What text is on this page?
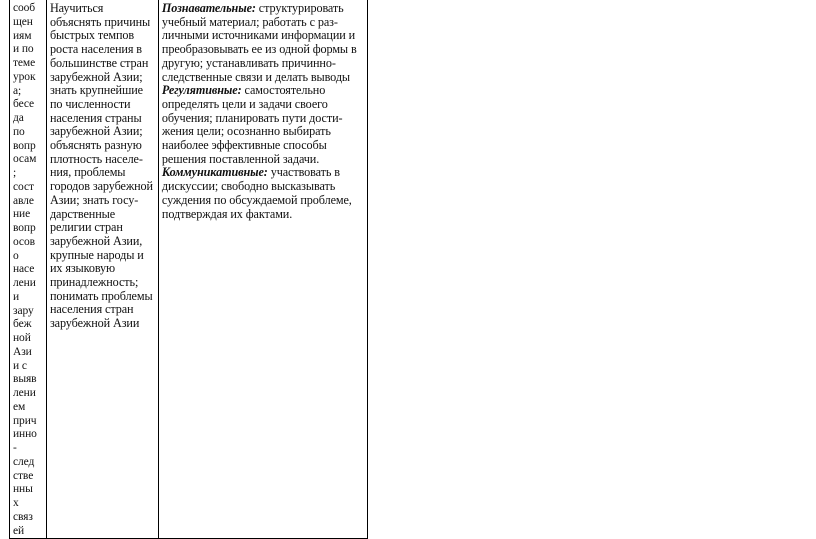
сооб
щен
иям
и по
теме
урок
а;
бесе
да
по
вопр
осам
;
сост
авле
ние
вопр
осов
о
насе
лени
и
зару
беж
ной
Ази
и с
выяв
лени
ем
прич
инно
-
след
стве
нны
х
связ
ей

Научиться
объяснять причины
быстрых темпов
роста населения в
большинстве стран
зарубежной Азии;
знать крупнейшие
по численности
населения страны
зарубежной Азии;
объяснять разную
плотность населе-
ния, проблемы
городов зарубежной
Азии; знать госу-
дарственные
религии стран
зарубежной Азии,
крупные народы и
их языковую
принадлежность;
понимать проблемы
населения стран
зарубежной Азии

Познавательные: структурировать
учебный материал; работать с раз-
личными источниками информации и
преобразовывать ее из одной формы в
другую; устанавливать причинно-
следственные связи и делать выводы
Регулятивные: самостоятельно
определять цели и задачи своего
обучения; планировать пути дости-
жения цели; осознанно выбирать
наиболее эффективные способы
решения поставленной задачи.
Коммуникативные: участвовать в
дискуссии; свободно высказывать
суждения по обсуждаемой проблеме,
подтверждая их фактами.
